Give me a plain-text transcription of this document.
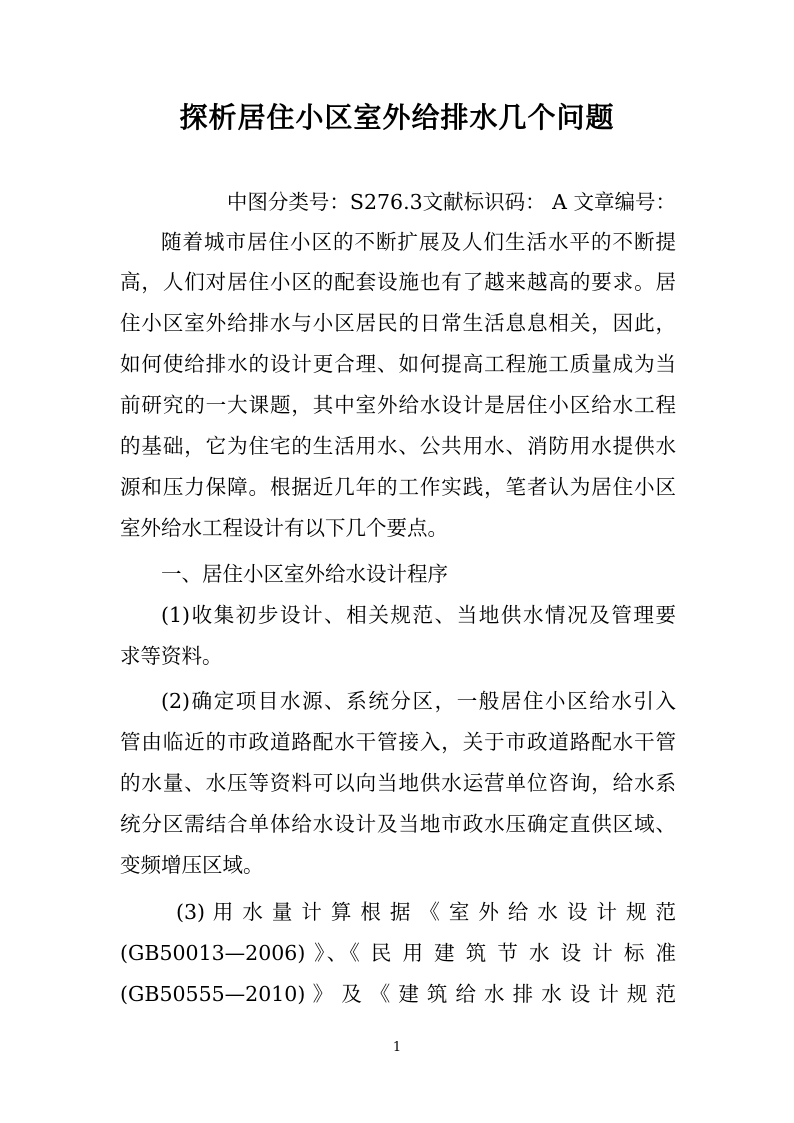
探析居住小区室外给排水几个问题
中图分类号：S276.3文献标识码： A 文章编号：
随着城市居住小区的不断扩展及人们生活水平的不断提
高，人们对居住小区的配套设施也有了越来越高的要求。居
住小区室外给排水与小区居民的日常生活息息相关，因此，
如何使给排水的设计更合理、如何提高工程施工质量成为当
前研究的一大课题，其中室外给水设计是居住小区给水工程
的基础，它为住宅的生活用水、公共用水、消防用水提供水
源和压力保障。根据近几年的工作实践，笔者认为居住小区
室外给水工程设计有以下几个要点。
一、居住小区室外给水设计程序
(1)收集初步设计、相关规范、当地供水情况及管理要
求等资料。
(2)确定项目水源、系统分区，一般居住小区给水引入
管由临近的市政道路配水干管接入，关于市政道路配水干管
的水量、水压等资料可以向当地供水运营单位咨询，给水系
统分区需结合单体给水设计及当地市政水压确定直供区域、
变频增压区域。
(3) 用 水 量 计 算 根 据 《 室 外 给 水 设 计 规 范
(GB50013—2006) 》、《 民 用 建 筑 节 水 设 计 标 准
(GB50555—2010) 》 及 《 建 筑 给 水 排 水 设 计 规 范
1
